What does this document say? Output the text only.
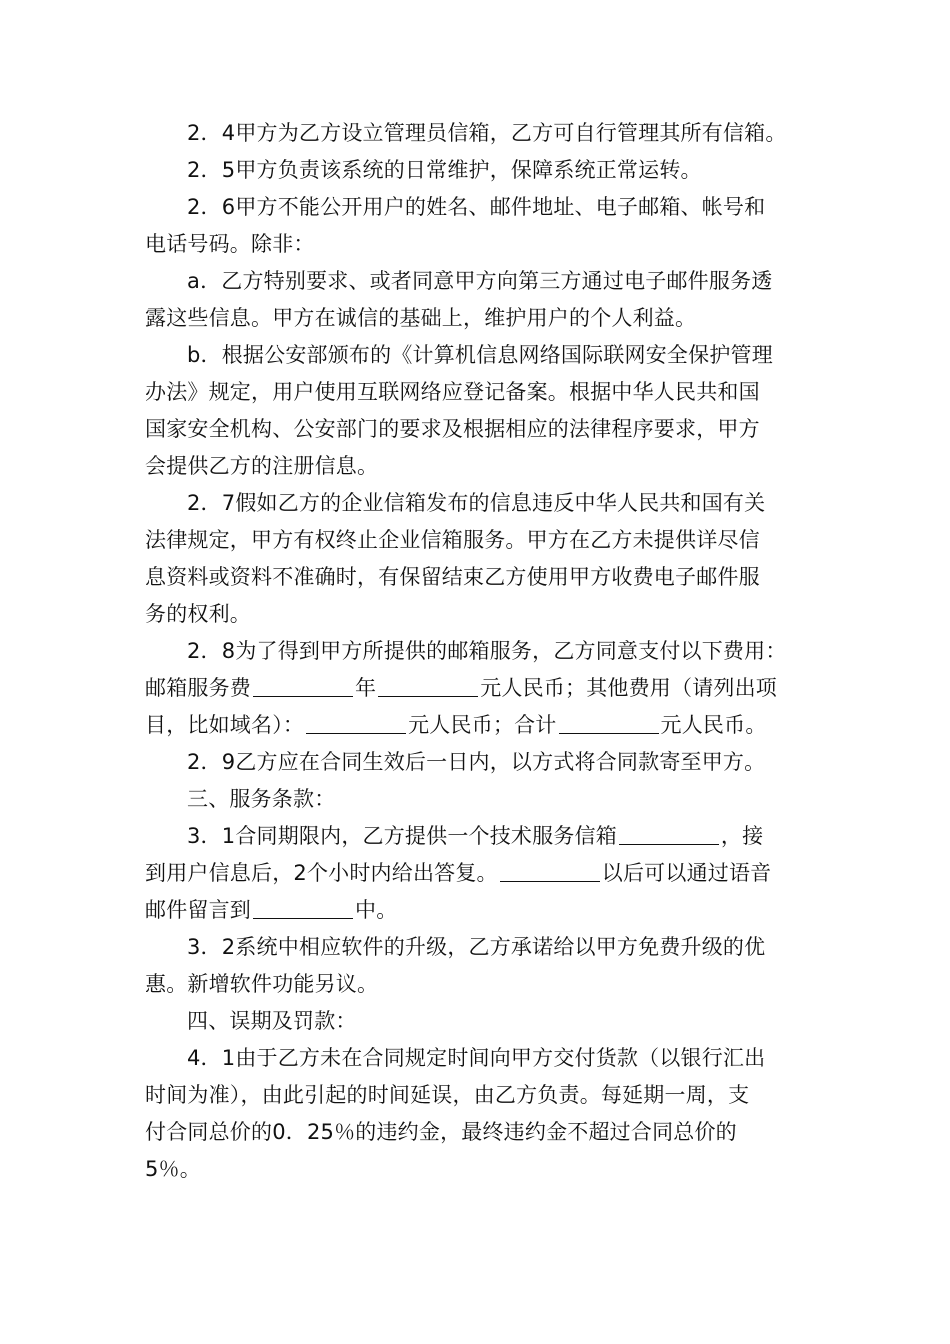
2．4甲方为乙方设立管理员信箱，乙方可自行管理其所有信箱。
2．5甲方负责该系统的日常维护，保障系统正常运转。
2．6甲方不能公开用户的姓名、邮件地址、电子邮箱、帐号和
电话号码。除非：
a．乙方特别要求、或者同意甲方向第三方通过电子邮件服务透
露这些信息。甲方在诚信的基础上，维护用户的个人利益。
b．根据公安部颁布的《计算机信息网络国际联网安全保护管理
办法》规定，用户使用互联网络应登记备案。根据中华人民共和国
国家安全机构、公安部门的要求及根据相应的法律程序要求，甲方
会提供乙方的注册信息。
2．7假如乙方的企业信箱发布的信息违反中华人民共和国有关
法律规定，甲方有权终止企业信箱服务。甲方在乙方未提供详尽信
息资料或资料不准确时，有保留结束乙方使用甲方收费电子邮件服
务的权利。
2．8为了得到甲方所提供的邮箱服务，乙方同意支付以下费用：
邮箱服务费	年	元人民币；其他费用（请列出项
目，比如域名）：	元人民币；合计	元人民币。
2．9乙方应在合同生效后一日内，以方式将合同款寄至甲方。
三、服务条款：
3．1合同期限内，乙方提供一个技术服务信箱	，接
到用户信息后，2个小时内给出答复。	以后可以通过语音
邮件留言到	中。
3．2系统中相应软件的升级，乙方承诺给以甲方免费升级的优
惠。新增软件功能另议。
四、误期及罚款：
4．1由于乙方未在合同规定时间向甲方交付货款（以银行汇出
时间为准），由此引起的时间延误，由乙方负责。每延期一周，支
付合同总价的0．25％的违约金，最终违约金不超过合同总价的
5％。
